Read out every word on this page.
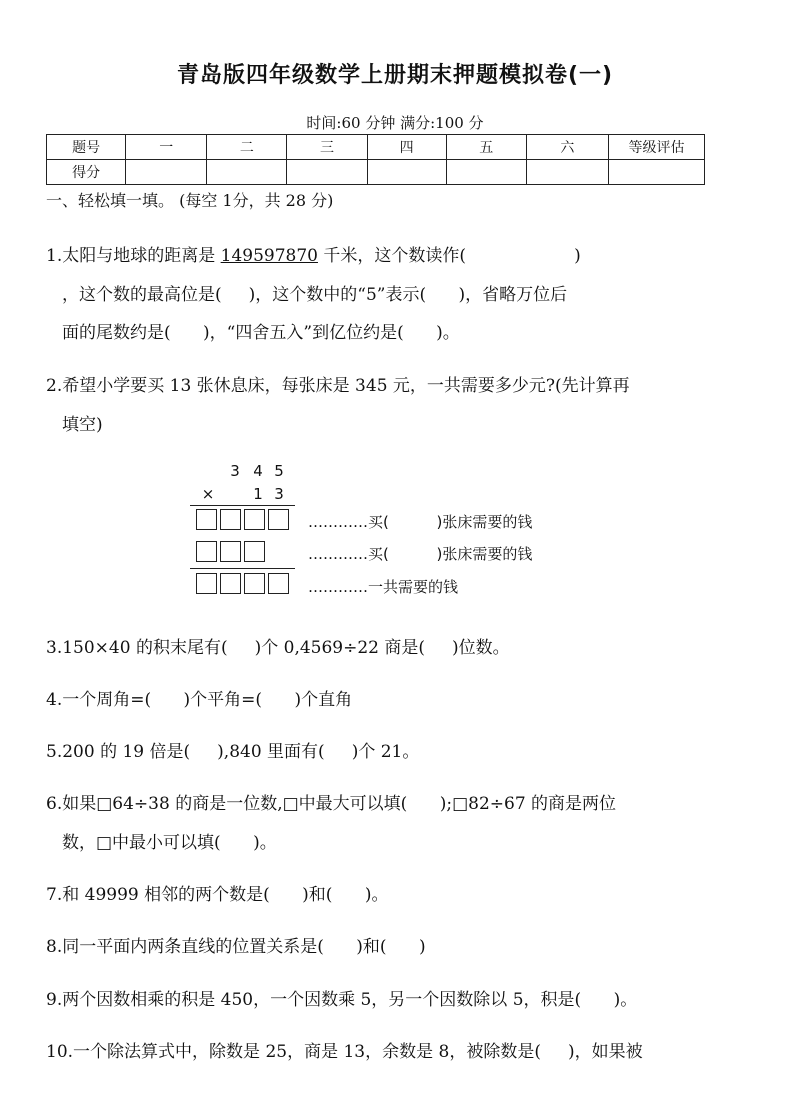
青岛版四年级数学上册期末押题模拟卷(一)
时间:60 分钟 满分:100 分
题号	一	二	三	四	五	六	等级评估
得分							
一、轻松填一填。 (每空 1分，共 28 分)
1.太阳与地球的距离是 149597870 千米，这个数读作(                    )
，这个数的最高位是(     )，这个数中的“5”表示(      )，省略万位后
面的尾数约是(      )，“四舍五入”到亿位约是(      )。
2.希望小学要买 13 张休息床，每张床是 345 元，一共需要多少元?(先计算再
填空)
3 4 5
×	1 3
…………买(          )张床需要的钱
…………买(          )张床需要的钱
…………一共需要的钱
3.150×40 的积末尾有(     )个 0,4569÷22 商是(     )位数。
4.一个周角=(      )个平角=(      )个直角
5.200 的 19 倍是(     ),840 里面有(     )个 21。
6.如果□64÷38 的商是一位数,□中最大可以填(      );□82÷67 的商是两位
数，□中最小可以填(      )。
7.和 49999 相邻的两个数是(      )和(      )。
8.同一平面内两条直线的位置关系是(      )和(      )
9.两个因数相乘的积是 450，一个因数乘 5，另一个因数除以 5，积是(      )。
10.一个除法算式中，除数是 25，商是 13，余数是 8，被除数是(     )，如果被
